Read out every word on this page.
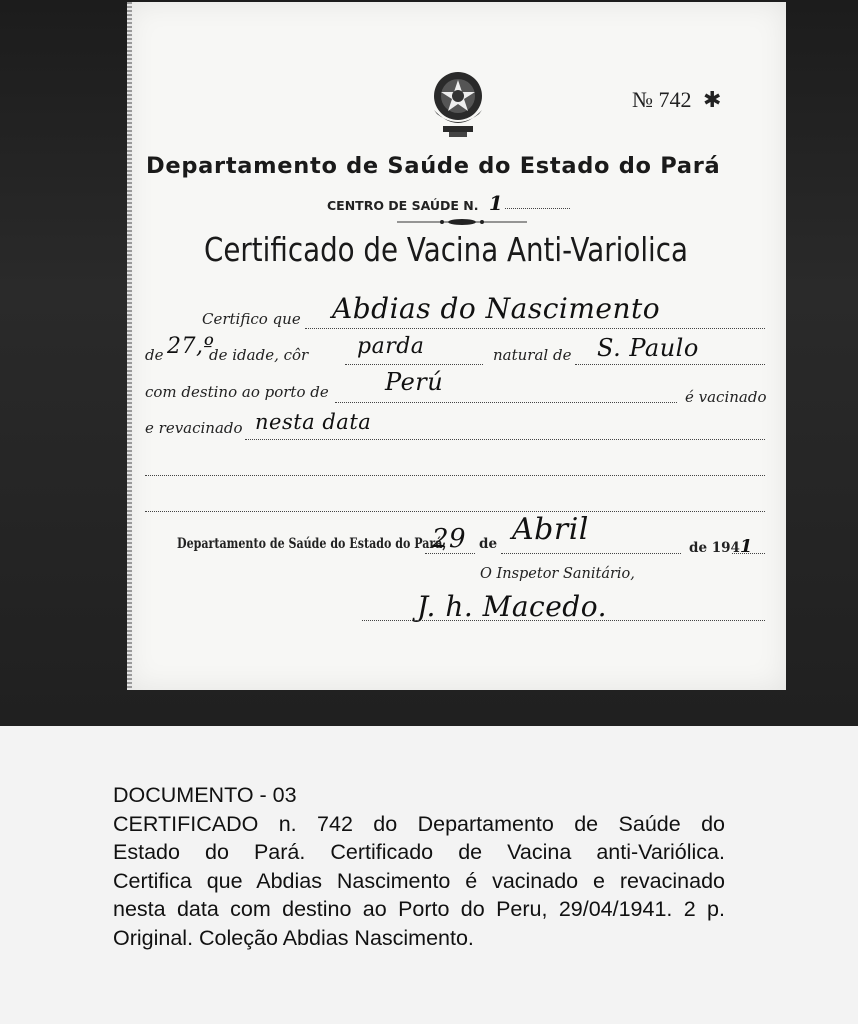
№ 742 ✱
Departamento de Saúde do Estado do Pará
CENTRO DE SAÚDE N. 1
Certificado de Vacina Anti-Variolica
Certifico que Abdias do Nascimento
de 27,º
de idade, côr parda	natural de S. Paulo
com destino ao porto de Perú
é vacinado
e revacinado nesta data
Departamento de Saúde do Estado do Pará,
29 de Abril
de 1941
O Inspetor Sanitário,
J. h. Macedo.
DOCUMENTO - 03
CERTIFICADO n. 742 do Departamento de Saúde do
Estado do Pará. Certificado de Vacina anti-Variólica.
Certifica que Abdias Nascimento é vacinado e revacinado
nesta data com destino ao Porto do Peru, 29/04/1941. 2 p.
Original. Coleção Abdias Nascimento.
